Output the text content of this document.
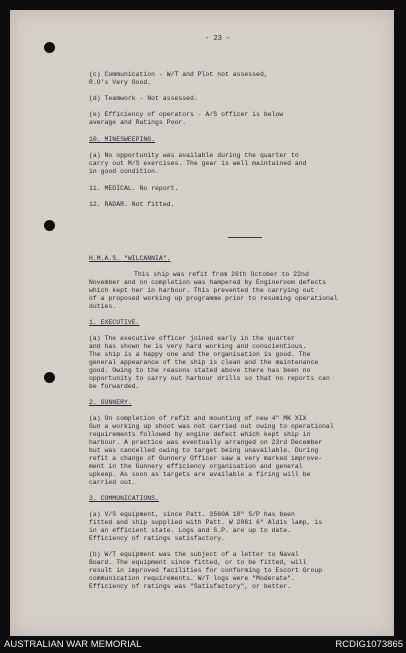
- 23 -
(c) Communication - W/T and Plot not assessed,
R.O's Very Good.
(d) Teamwork - Not assessed.
(e) Efficiency of operators - A/S officer is below
average and Ratings Poor.
10. MINESWEEPING.
(a) No opportunity was available during the quarter to
carry out M/S exercises. The gear is well maintained and
in good condition.
11. MEDICAL. No report.
12. RADAR. Not fitted.
H.M.A.S. "WILCANNIA".
This ship was refit from 26th October to 22nd
November and on completion was hampered by Engineroom defects
which kept her in harbour. This prevented the carrying out
of a proposed working up programme prior to resuming operational
duties.
1. EXECUTIVE.
(a) The executive officer joined early in the quarter
and has shown he is very hard working and conscientious.
The ship is a happy one and the organisation is good. The
general appearance of the ship is clean and the maintenance
good. Owing to the reasons stated above there has been no
opportunity to carry out harbour drills so that no reports can
be forwarded.
2. GUNNERY.
(a) On completion of refit and mounting of new 4" MK XIX
Gun a working up shoot was not carried out owing to operational
requirements followed by engine defect which kept ship in
harbour. A practice was eventually arranged on 23rd December
but was cancelled owing to target being unavailable. During
refit a change of Gunnery Officer saw a very marked improve-
ment in the Gunnery efficiency organisation and general
upkeep. As soon as targets are available a firing will be
carried out.
3. COMMUNICATIONS.
(a) V/S equipment, since Patt. 3560A 10" S/P has been
fitted and ship supplied with Patt. W 2061 6" Aldis lamp, is
in an efficient state. Logs and S.P. are up to date.
Efficiency of ratings satisfactory.
(b) W/T equipment was the subject of a letter to Naval
Board. The equipment since fitted, or to be fitted, will
result in improved facilities for conforming to Escort Group
communication requirements. W/T logs were "Moderate".
Efficiency of ratings was "Satisfactory", or better.
AUSTRALIAN WAR MEMORIAL	RCDIG1073865
